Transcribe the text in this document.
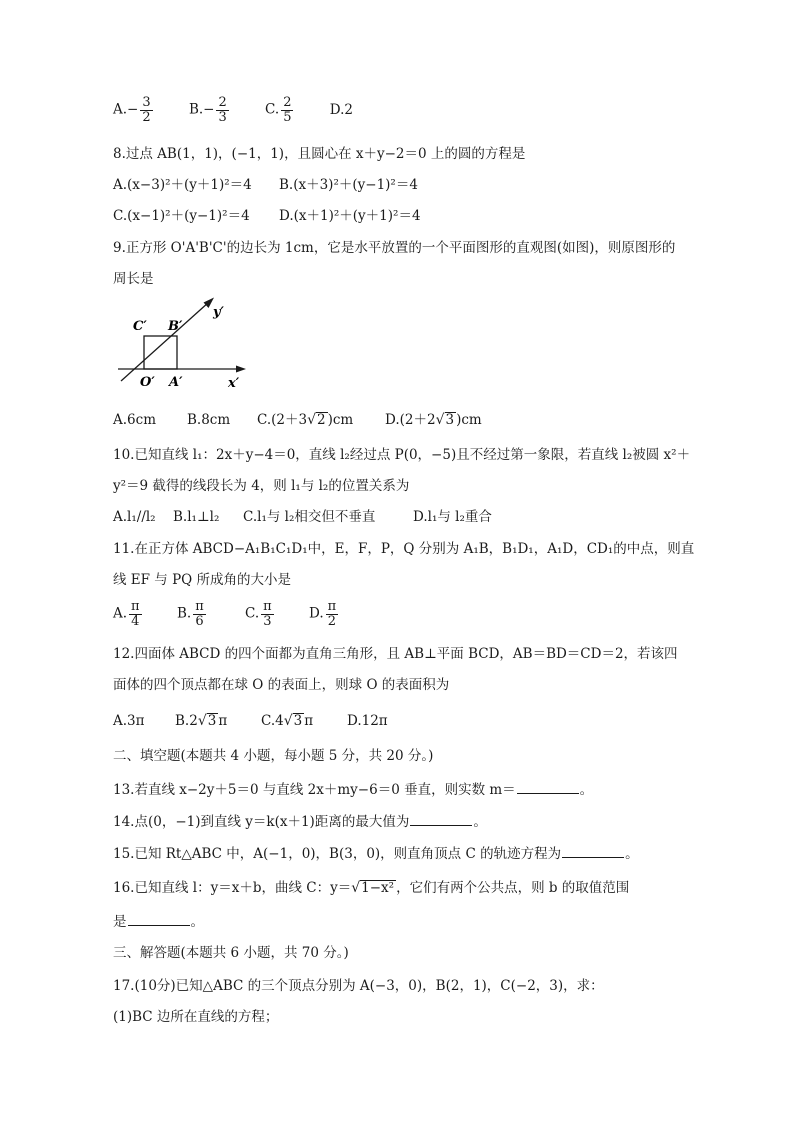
$A.- \frac{3}{2}$	$B.- \frac{2}{3}$	C. $\frac{2}{5}$	D.2
8.过点 AB(1，1)，(−1，1)，且圆心在 x＋y−2＝0 上的圆的方程是
A.(x−3)²＋(y＋1)²＝4 B.(x＋3)²＋(y−1)²＝4
C.(x−1)²＋(y−1)²＝4 D.(x＋1)²＋(y＋1)²＝4
9.正方形 O'A'B'C'的边长为 1cm，它是水平放置的一个平面图形的直观图(如图)，则原图形的
周长是
C′ B′
y′
O′ A′	x′
A.6cm B.8cm C.(2＋3√2 )cm D.(2＋2√3 )cm
10.已知直线 l₁：2x＋y−4＝0，直线 l₂经过点 P(0，−5)且不经过第一象限，若直线 l₂被圆 x²＋
y²＝9 截得的线段长为 4，则 l₁与 l₂的位置关系为
A.l₁//l₂ B.l₁⊥l₂ C.l₁与 l₂相交但不垂直	D.l₁与 l₂重合
11.在正方体 ABCD−A₁B₁C₁D₁中，E，F，P，Q 分别为 A₁B，B₁D₁，A₁D，CD₁的中点，则直
线 EF 与 PQ 所成角的大小是
A. $\frac{\pi}{4}$	B. $\frac{\pi}{6}$	C. $\frac{\pi}{3}$	D. $\frac{\pi}{2}$
12.四面体 ABCD 的四个面都为直角三角形，且 AB⊥平面 BCD，AB＝BD＝CD＝2，若该四
面体的四个顶点都在球 O 的表面上，则球 O 的表面积为
A.3π B.2√3 π	C.4√3 π	D.12π
二、填空题(本题共 4 小题，每小题 5 分，共 20 分。)
13.若直线 x−2y＋5＝0 与直线 2x＋my−6＝0 垂直，则实数 m＝	。
14.点(0，−1)到直线 y＝k(x＋1)距离的最大值为	。
15.已知 Rt△ABC 中，A(−1，0)，B(3，0)，则直角顶点 C 的轨迹方程为	。
16.已知直线 l：y＝x＋b，曲线 C：y＝√1−x² ，它们有两个公共点，则 b 的取值范围
是	。
三、解答题(本题共 6 小题，共 70 分。)
17.(10分)已知△ABC 的三个顶点分别为 A(−3，0)，B(2，1)，C(−2，3)，求：
(1)BC 边所在直线的方程；
